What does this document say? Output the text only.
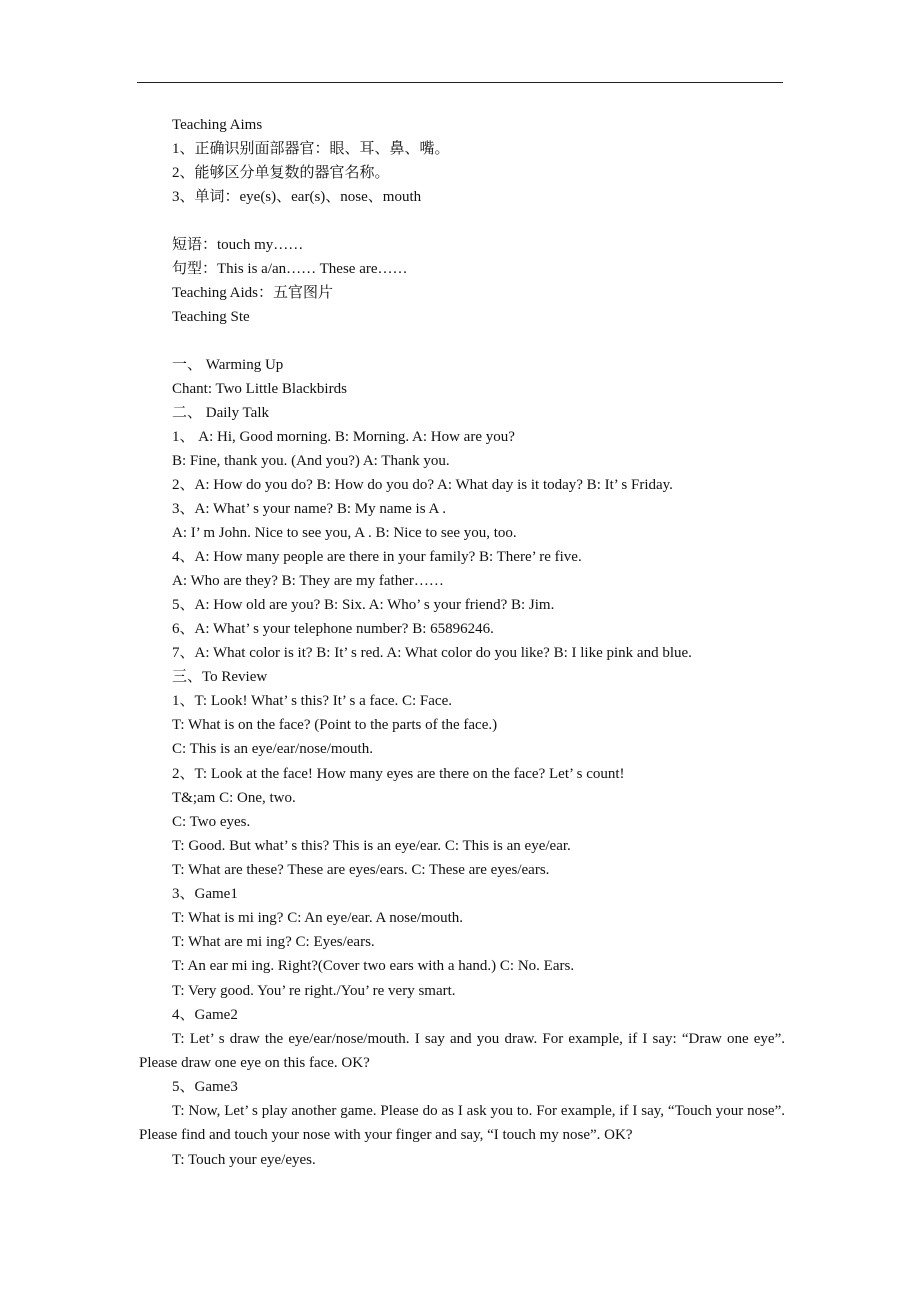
Teaching Aims
1、正确识别面部器官：眼、耳、鼻、嘴。
2、能够区分单复数的器官名称。
3、单词：eye(s)、ear(s)、nose、mouth
短语：touch my……
句型：This is a/an…… These are……
Teaching Aids：五官图片
Teaching Ste
一、 Warming Up
Chant: Two Little Blackbirds
二、 Daily Talk
1、 A: Hi, Good morning. B: Morning. A: How are you?
B: Fine, thank you. (And you?) A: Thank you.
2、A: How do you do? B: How do you do? A: What day is it today? B: It’ s Friday.
3、A: What’ s your name? B: My name is A .
A: I’ m John. Nice to see you, A . B: Nice to see you, too.
4、A: How many people are there in your family? B: There’ re five.
A: Who are they? B: They are my father……
5、A: How old are you? B: Six. A: Who’ s your friend? B: Jim.
6、A: What’ s your telephone number? B: 65896246.
7、A: What color is it? B: It’ s red. A: What color do you like? B: I like pink and blue.
三、To Review
1、T: Look! What’ s this? It’ s a face. C: Face.
T: What is on the face? (Point to the parts of the face.)
C: This is an eye/ear/nose/mouth.
2、T: Look at the face! How many eyes are there on the face? Let’ s count!
T&;am C: One, two.
C: Two eyes.
T: Good. But what’ s this? This is an eye/ear. C: This is an eye/ear.
T: What are these? These are eyes/ears. C: These are eyes/ears.
3、Game1
T: What is mi ing? C: An eye/ear. A nose/mouth.
T: What are mi ing? C: Eyes/ears.
T: An ear mi ing. Right?(Cover two ears with a hand.) C: No. Ears.
T: Very good. You’ re right./You’ re very smart.
4、Game2
T: Let’ s draw the eye/ear/nose/mouth. I say and you draw. For example, if I say: “Draw one eye”. Please draw one eye on this face. OK?
5、Game3
T: Now, Let’ s play another game. Please do as I ask you to. For example, if I say, “Touch your nose”. Please find and touch your nose with your finger and say, “I touch my nose”. OK?
T: Touch your eye/eyes.
